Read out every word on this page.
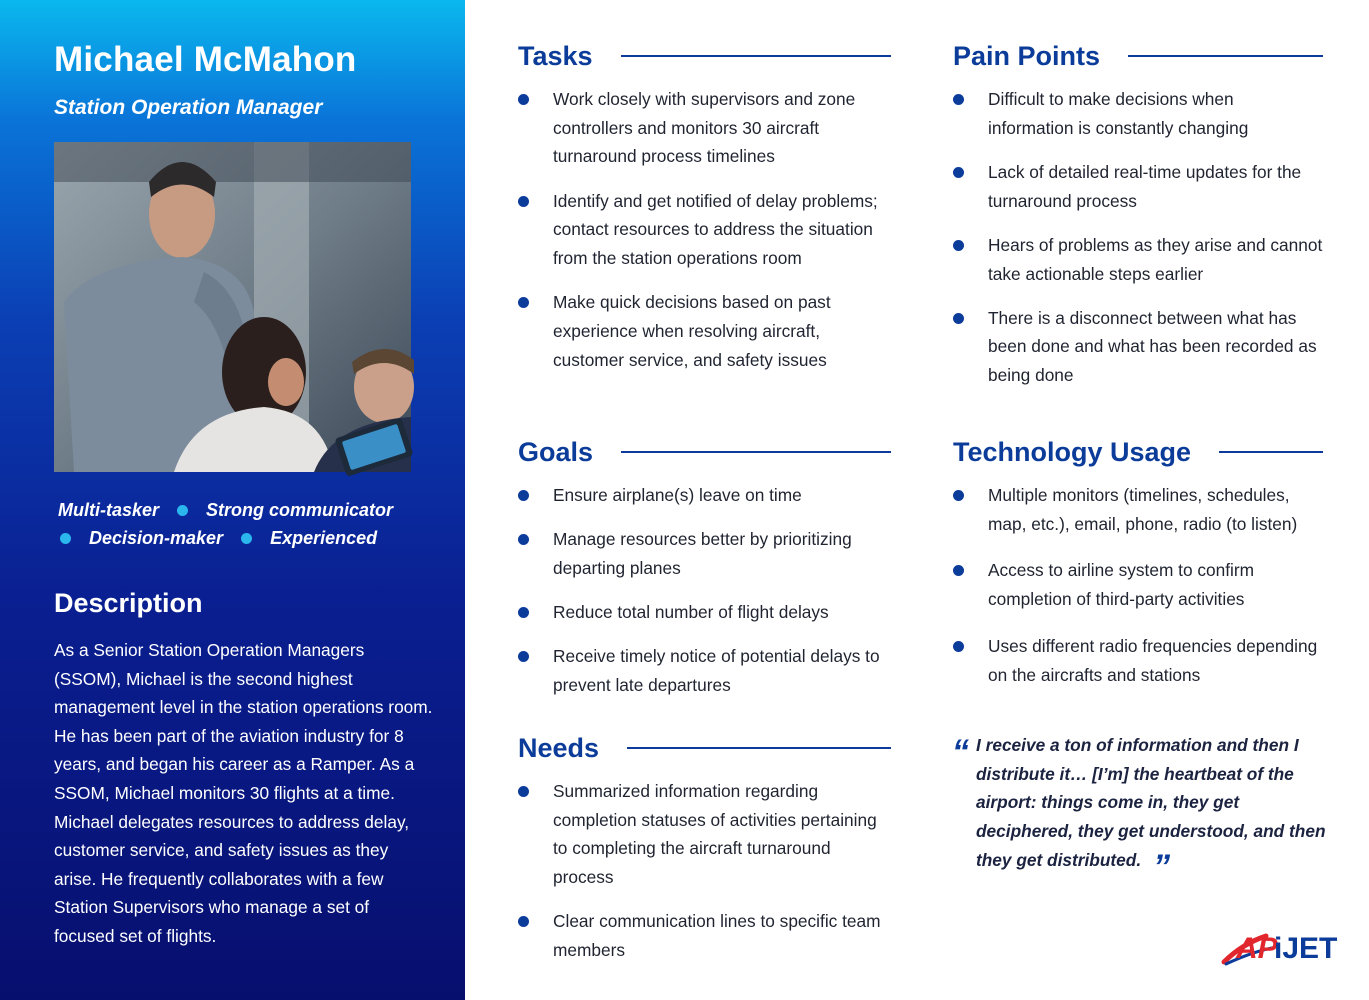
Michael McMahon
Station Operation Manager
Multi-tasker	Strong communicator
Decision-maker	Experienced
Description
As a Senior Station Operation Managers (SSOM), Michael is the second highest management level in the station operations room. He has been part of the aviation industry for 8 years, and began his career as a Ramper. As a SSOM, Michael monitors 30 flights at a time. Michael delegates resources to address delay, customer service, and safety issues as they arise. He frequently collaborates with a few Station Supervisors who manage a set of focused set of flights.
Tasks
Work closely with supervisors and zone controllers and monitors 30 aircraft turnaround process timelines
Identify and get notified of delay problems; contact resources to address the situation from the station operations room
Make quick decisions based on past experience when resolving aircraft, customer service, and safety issues
Goals
Ensure airplane(s) leave on time
Manage resources better by prioritizing departing planes
Reduce total number of flight delays
Receive timely notice of potential delays to prevent late departures
Needs
Summarized information regarding completion statuses of activities pertaining to completing the aircraft turnaround process
Clear communication lines to specific team members
Pain Points
Difficult to make decisions when information is constantly changing
Lack of detailed real-time updates for the turnaround process
Hears of problems as they arise and cannot take actionable steps earlier
There is a disconnect between what has been done and what has been recorded as being done
Technology Usage
Multiple monitors (timelines, schedules, map, etc.), email, phone, radio (to listen)
Access to airline system to confirm completion of third-party activities
Uses different radio frequencies depending on the aircrafts and stations
“ I receive a ton of information and then I distribute it… [I’m] the heartbeat of the airport: things come in, they get deciphered, they get understood, and then they get distributed. ”
AP
iJET
